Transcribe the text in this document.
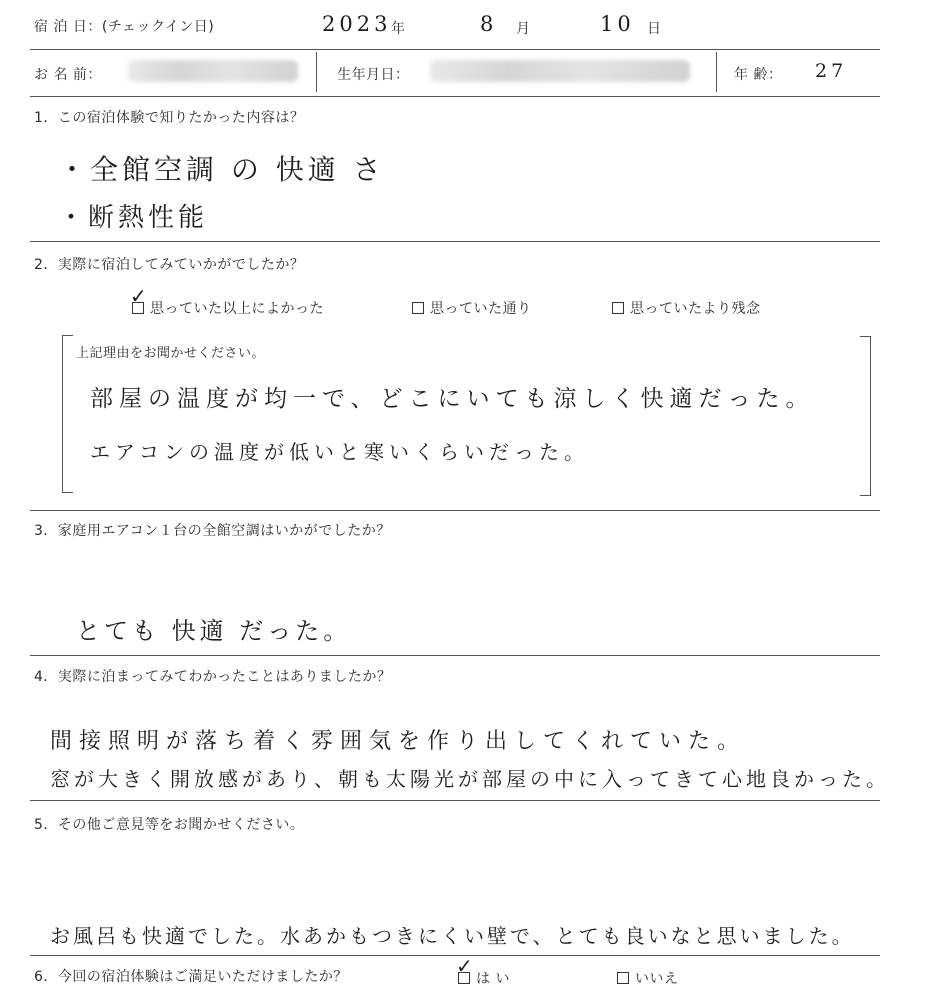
宿 泊 日：(チェックイン日)	2023 年	8 月	10 日
お 名 前：	生年月日：	年 齢： 27
1．この宿泊体験で知りたかった内容は？
・全館空調 の 快適 さ
・断熱性能
2．実際に宿泊してみていかがでしたか？
思っていた以上によかった
✓
思っていた通り	思っていたより残念
上記理由をお聞かせください。
部屋の温度が均一で、どこにいても涼しく快適だった。
エアコンの温度が低いと寒いくらいだった。
3．家庭用エアコン１台の全館空調はいかがでしたか？
とても 快適 だった。
4．実際に泊まってみてわかったことはありましたか？
間接照明が落ち着く雰囲気を作り出してくれていた。
窓が大きく開放感があり、朝も太陽光が部屋の中に入ってきて心地良かった。
5．その他ご意見等をお聞かせください。
お風呂も快適でした。水あかもつきにくい壁で、とても良いなと思いました。
6．今回の宿泊体験はご満足いただけましたか？	は い
✓
いいえ
